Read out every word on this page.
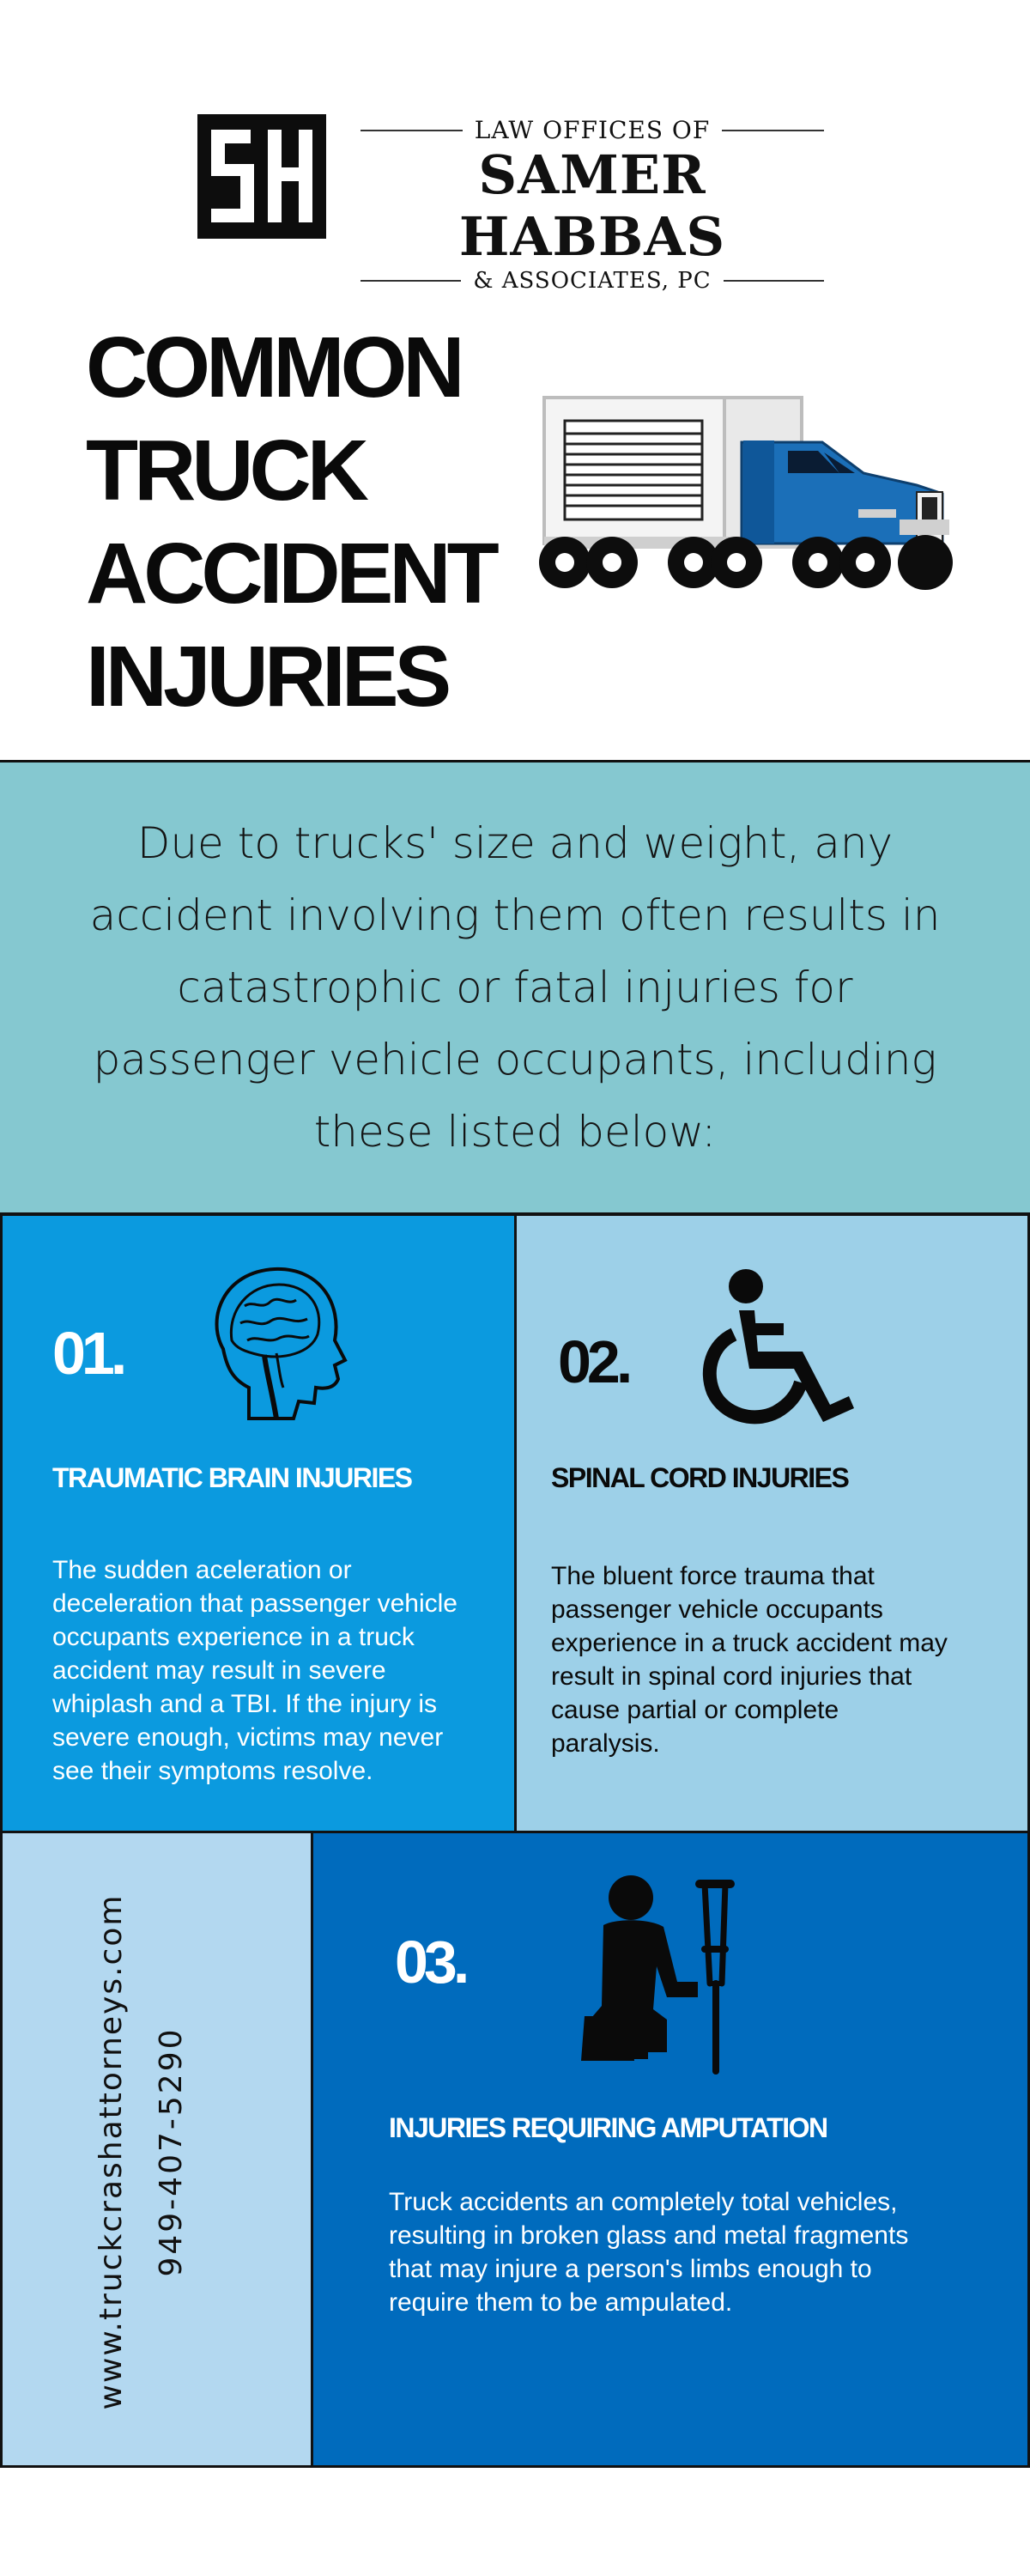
LAW OFFICES OF
SAMER HABBAS
& ASSOCIATES, PC
COMMON
TRUCK
ACCIDENT
INJURIES

Due to trucks' size and weight, any accident involving them often results in catastrophic or fatal injuries for passenger vehicle occupants, including these listed below:

01.
TRAUMATIC BRAIN INJURIES

The sudden aceleration or deceleration that passenger vehicle occupants experience in a truck accident may result in severe whiplash and a TBI. If the injury is severe enough, victims may never see their symptoms resolve.

02.
SPINAL CORD INJURIES

The bluent force trauma that passenger vehicle occupants experience in a truck accident may result in spinal cord injuries that cause partial or complete paralysis.

www.truckcrashattorneys.com 949-407-5290
03.
INJURIES REQUIRING AMPUTATION

Truck accidents an completely total vehicles, resulting in broken glass and metal fragments that may injure a person's limbs enough to require them to be ampulated.
